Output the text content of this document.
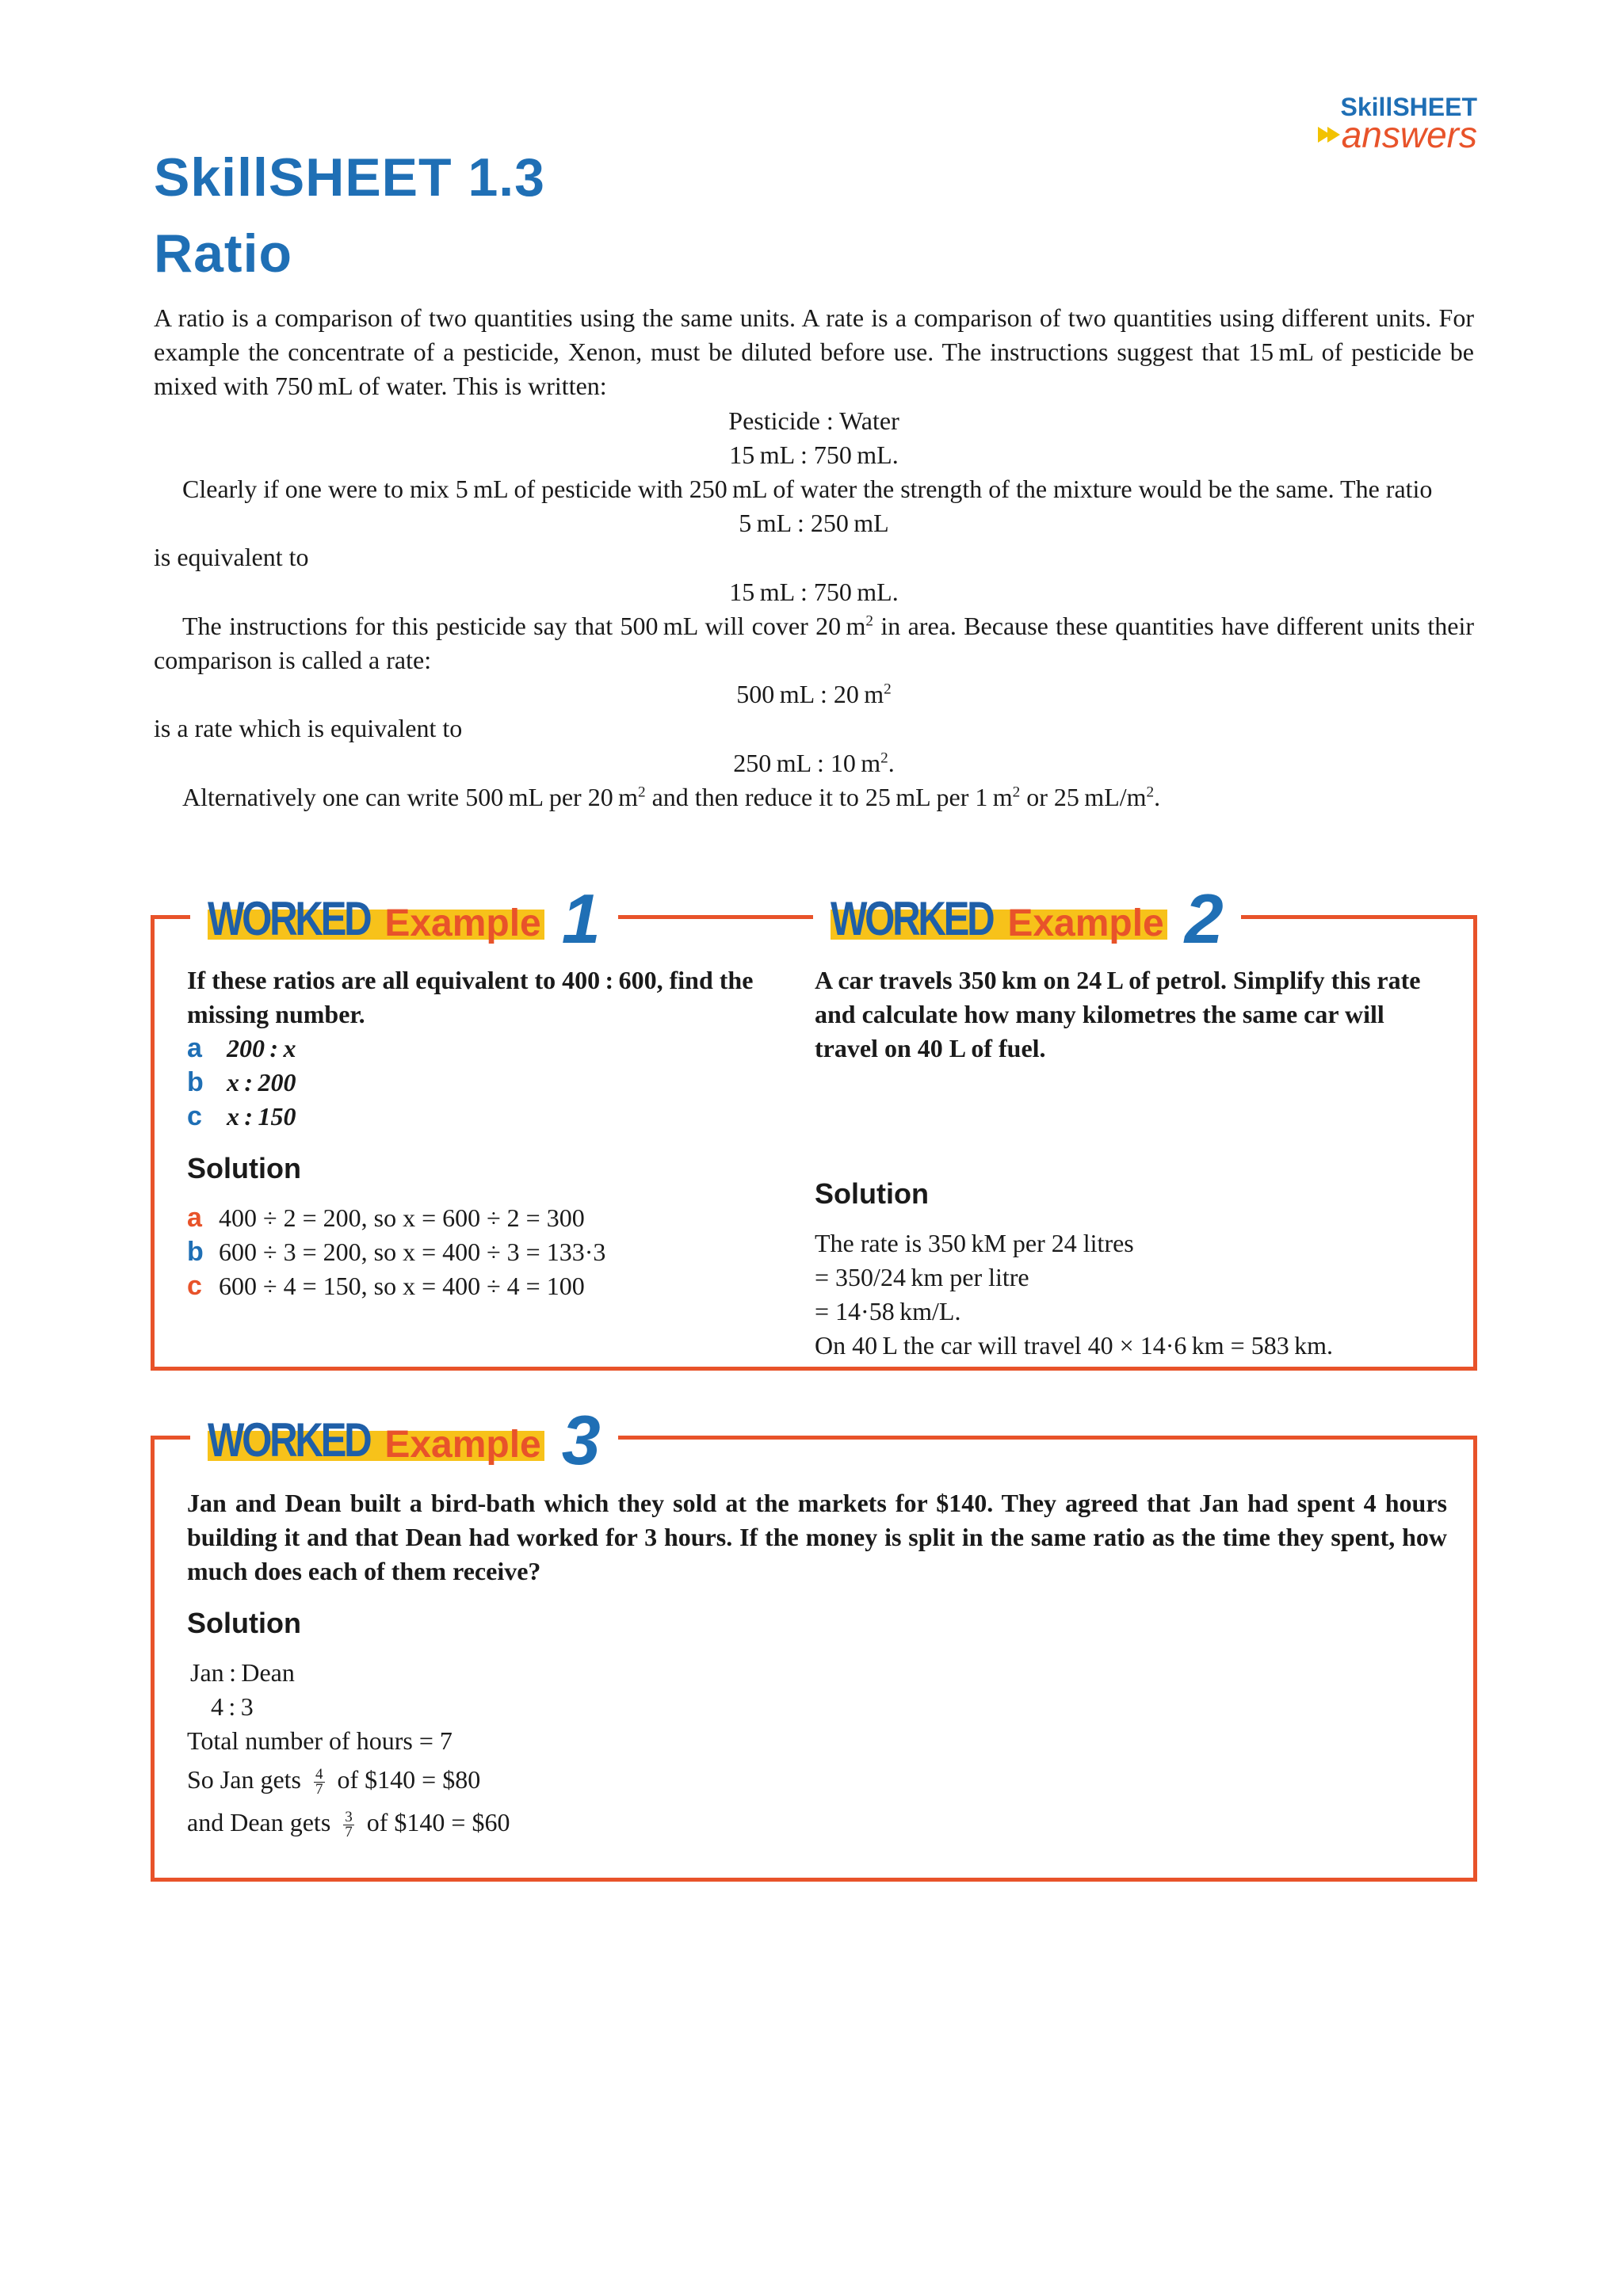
SkillSHEET
answers
SkillSHEET 1.3
Ratio

A ratio is a comparison of two quantities using the same units. A rate is a comparison of two quantities using different units. For example the concentrate of a pesticide, Xenon, must be diluted before use. The instructions suggest that 15 mL of pesticide be mixed with 750 mL of water. This is written:

Pesticide : Water

15 mL : 750 mL.

Clearly if one were to mix 5 mL of pesticide with 250 mL of water the strength of the mixture would be the same. The ratio

5 mL : 250 mL

is equivalent to

15 mL : 750 mL.

The instructions for this pesticide say that 500 mL will cover 20 $m^2$ in area. Because these quantities have different units their comparison is called a rate:

500 mL : 20 $m^2$

is a rate which is equivalent to

250 mL : 10 $m^2$.

Alternatively one can write 500 mL per 20 $m^2$ and then reduce it to 25 mL per 1 $m^2$ or 25 $mL/m^2$.

WORKED Example 1	WORKED Example 2

If these ratios are all equivalent to 400 : 600, find the missing number.

a 200 : x
b x : 200
c x : 150

Solution

a 400 ÷ 2 = 200, so x = 600 ÷ 2 = 300
b 600 ÷ 3 = 200, so x = 400 ÷ 3 = 133·3
c 600 ÷ 4 = 150, so x = 400 ÷ 4 = 100

A car travels 350 km on 24 L of petrol. Simplify this rate and calculate how many kilometres the same car will travel on 40 L of fuel.

Solution

The rate is 350 kM per 24 litres

= 350/24 km per litre

= 14·58 km/L.

On 40 L the car will travel 40 × 14·6 km = 583 km.

WORKED Example 3

Jan and Dean built a bird-bath which they sold at the markets for $140. They agreed that Jan had spent 4 hours building it and that Dean had worked for 3 hours. If the money is split in the same ratio as the time they spent, how much does each of them receive?

Solution

Jan : Dean

4 : 3

Total number of hours = 7

So Jan gets $\frac{4}{7}$ of $140 = $80

and Dean gets $\frac{3}{7}$ of $140 = $60
